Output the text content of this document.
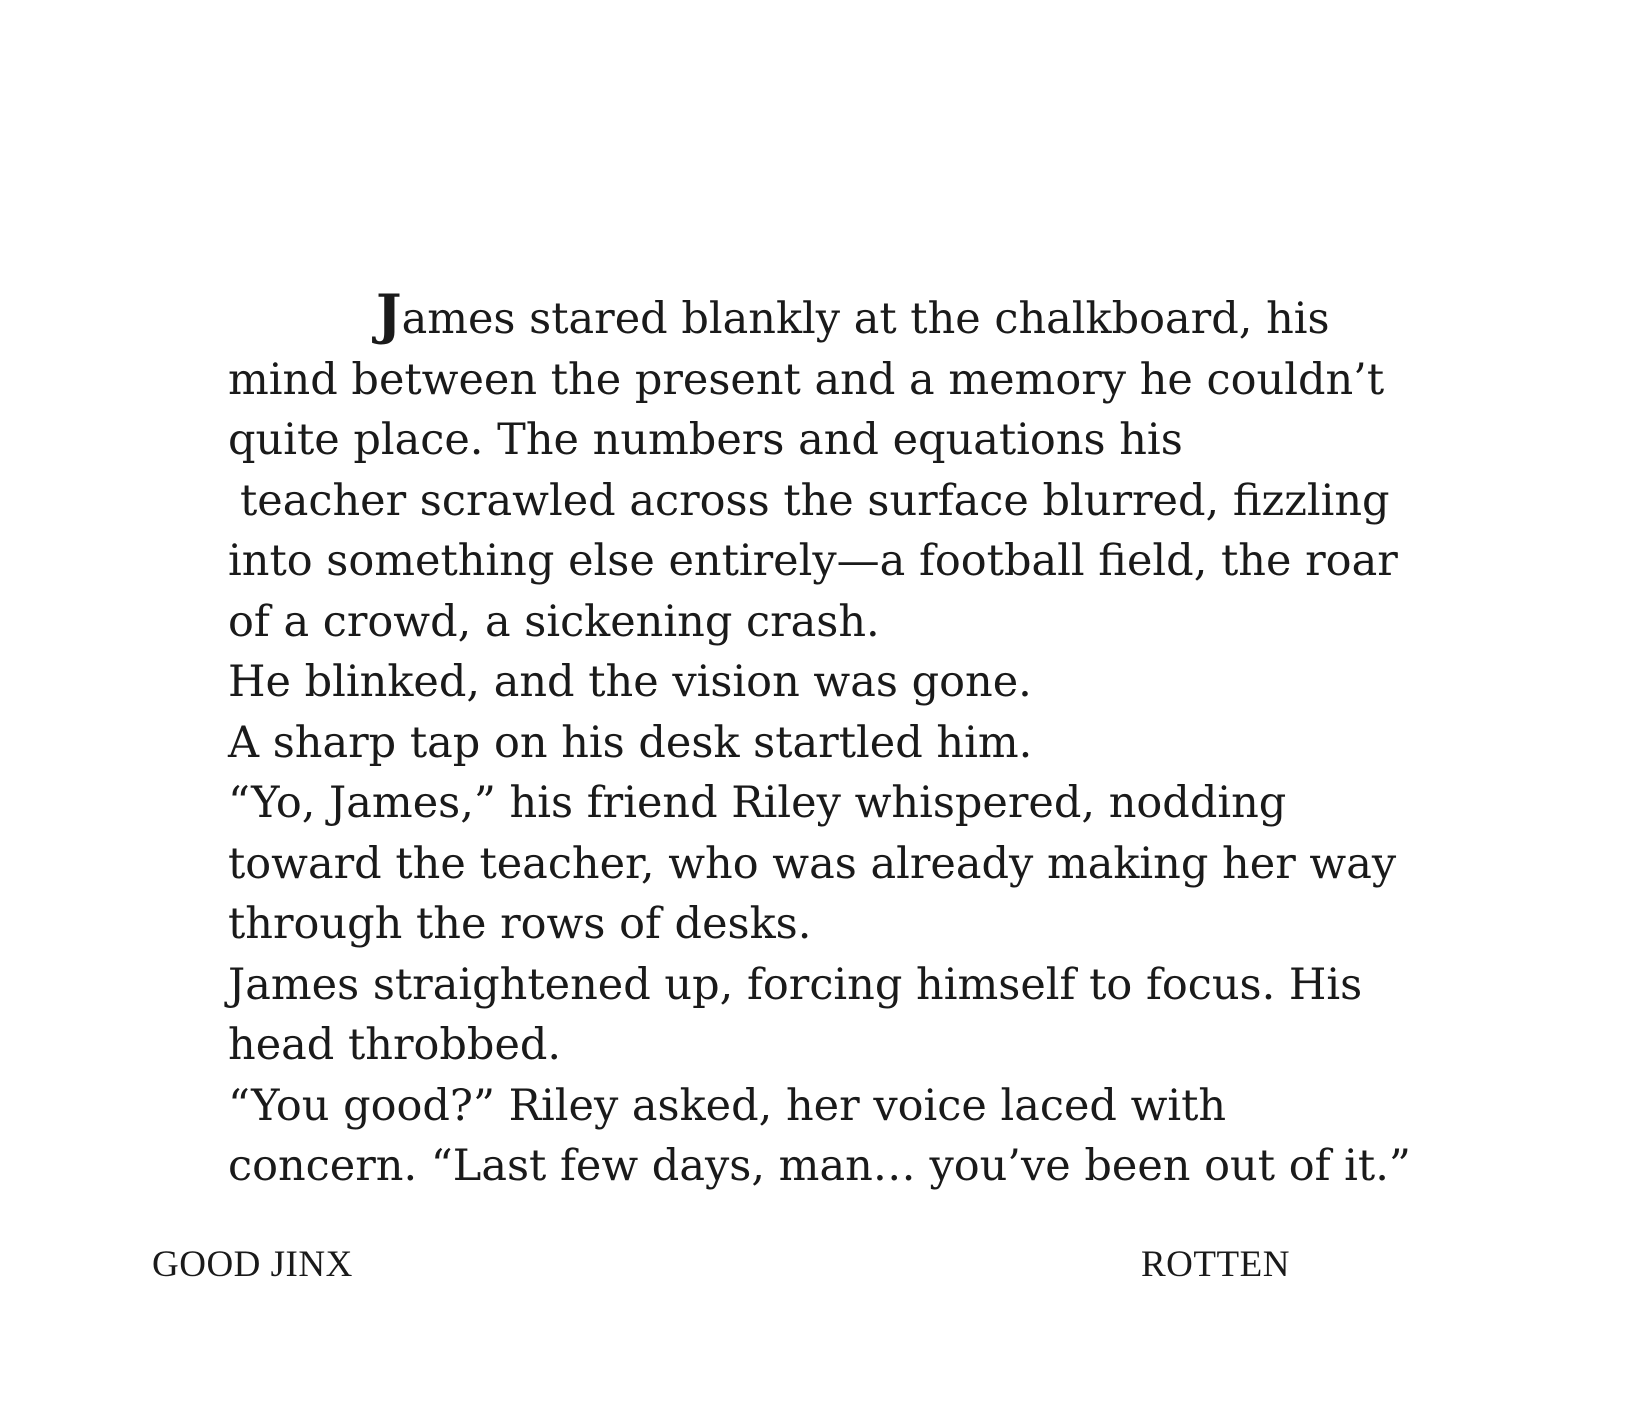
James stared blankly at the chalkboard, his
mind between the present and a memory he couldn’t
quite place. The numbers and equations his
teacher scrawled across the surface blurred, fizzling
into something else entirely—a football field, the roar
of a crowd, a sickening crash.
He blinked, and the vision was gone.
A sharp tap on his desk startled him.
“Yo, James,” his friend Riley whispered, nodding
toward the teacher, who was already making her way
through the rows of desks.
James straightened up, forcing himself to focus. His
head throbbed.
“You good?” Riley asked, her voice laced with
concern. “Last few days, man… you’ve been out of it.”
GOOD JINX	ROTTEN
